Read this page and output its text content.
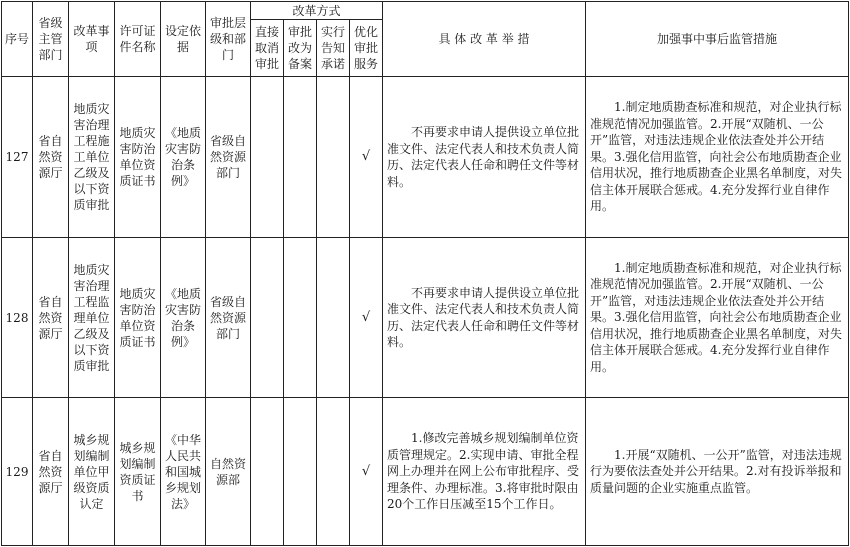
序号	省级主管部门	改革事项	许可证件名称	设定依据	审批层级和部门	改革方式				具 体 改 革 举 措	加强事中事后监管措施
						直接取消审批	审批改为备案	实行告知承诺	优化审批服务		
127	省自然资源厅	地质灾害治理工程施工单位乙级及以下资质审批	地质灾害防治单位资质证书	《地质灾害防治条例》	省级自然资源部门				√	不再要求申请人提供设立单位批准文件、法定代表人和技术负责人简历、法定代表人任命和聘任文件等材料。	1.制定地质勘查标准和规范，对企业执行标准规范情况加强监管。2.开展“双随机、一公开”监管，对违法违规企业依法查处并公开结果。3.强化信用监管，向社会公布地质勘查企业信用状况，推行地质勘查企业黑名单制度，对失信主体开展联合惩戒。4.充分发挥行业自律作用。
128	省自然资源厅	地质灾害治理工程监理单位乙级及以下资质审批	地质灾害防治单位资质证书	《地质灾害防治条例》	省级自然资源部门				√	不再要求申请人提供设立单位批准文件、法定代表人和技术负责人简历、法定代表人任命和聘任文件等材料。	1.制定地质勘查标准和规范，对企业执行标准规范情况加强监管。2.开展“双随机、一公开”监管，对违法违规企业依法查处并公开结果。3.强化信用监管，向社会公布地质勘查企业信用状况，推行地质勘查企业黑名单制度，对失信主体开展联合惩戒。4.充分发挥行业自律作用。
129	省自然资源厅	城乡规划编制单位甲级资质认定	城乡规划编制资质证书	《中华人民共和国城乡规划法》	自然资源部				√	1.修改完善城乡规划编制单位资质管理规定。2.实现申请、审批全程网上办理并在网上公布审批程序、受理条件、办理标准。3.将审批时限由20个工作日压减至15个工作日。	1.开展“双随机、一公开”监管，对违法违规行为要依法查处并公开结果。2.对有投诉举报和质量问题的企业实施重点监管。
